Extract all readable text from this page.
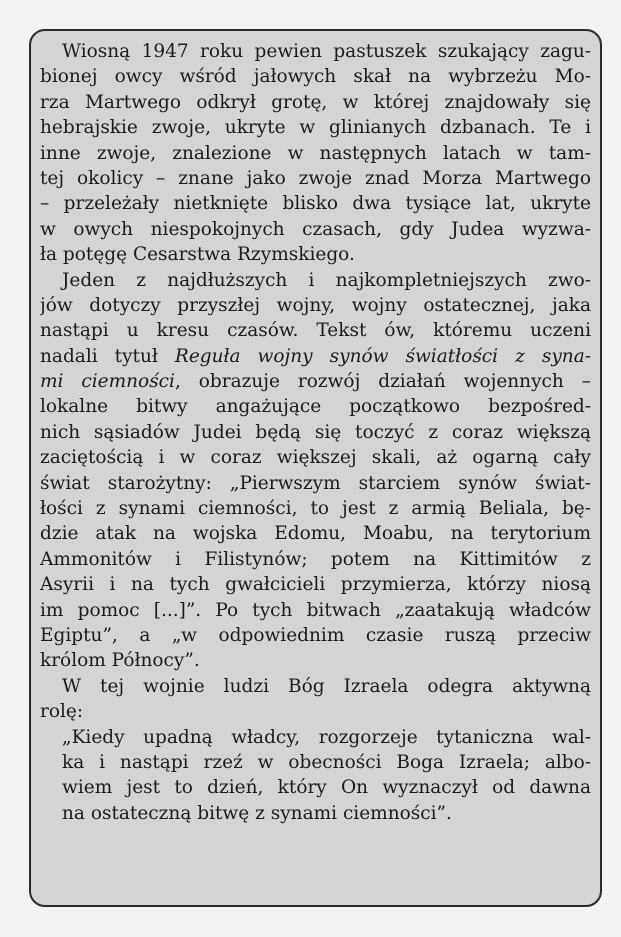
Wiosną 1947 roku pewien pastuszek szukający zagu-
bionej owcy wśród jałowych skał na wybrzeżu Mo-
rza Martwego odkrył grotę, w której znajdowały się
hebrajskie zwoje, ukryte w glinianych dzbanach. Te i
inne zwoje, znalezione w następnych latach w tam-
tej okolicy – znane jako zwoje znad Morza Martwego
– przeleżały nietknięte blisko dwa tysiące lat, ukryte
w owych niespokojnych czasach, gdy Judea wyzwa-
ła potęgę Cesarstwa Rzymskiego.
Jeden z najdłuższych i najkompletniejszych zwo-
jów dotyczy przyszłej wojny, wojny ostatecznej, jaka
nastąpi u kresu czasów. Tekst ów, któremu uczeni
nadali tytuł Reguła wojny synów światłości z syna-
mi ciemności, obrazuje rozwój działań wojennych –
lokalne bitwy angażujące początkowo bezpośred-
nich sąsiadów Judei będą się toczyć z coraz większą
zaciętością i w coraz większej skali, aż ogarną cały
świat starożytny: „Pierwszym starciem synów świat-
łości z synami ciemności, to jest z armią Beliala, bę-
dzie atak na wojska Edomu, Moabu, na terytorium
Ammonitów i Filistynów; potem na Kittimitów z
Asyrii i na tych gwałcicieli przymierza, którzy niosą
im pomoc [...]”. Po tych bitwach „zaatakują władców
Egiptu”, a „w odpowiednim czasie ruszą przeciw
królom Północy”.
W tej wojnie ludzi Bóg Izraela odegra aktywną
rolę:
„Kiedy upadną władcy, rozgorzeje tytaniczna wal-
ka i nastąpi rzeź w obecności Boga Izraela; albo-
wiem jest to dzień, który On wyznaczył od dawna
na ostateczną bitwę z synami ciemności”.
